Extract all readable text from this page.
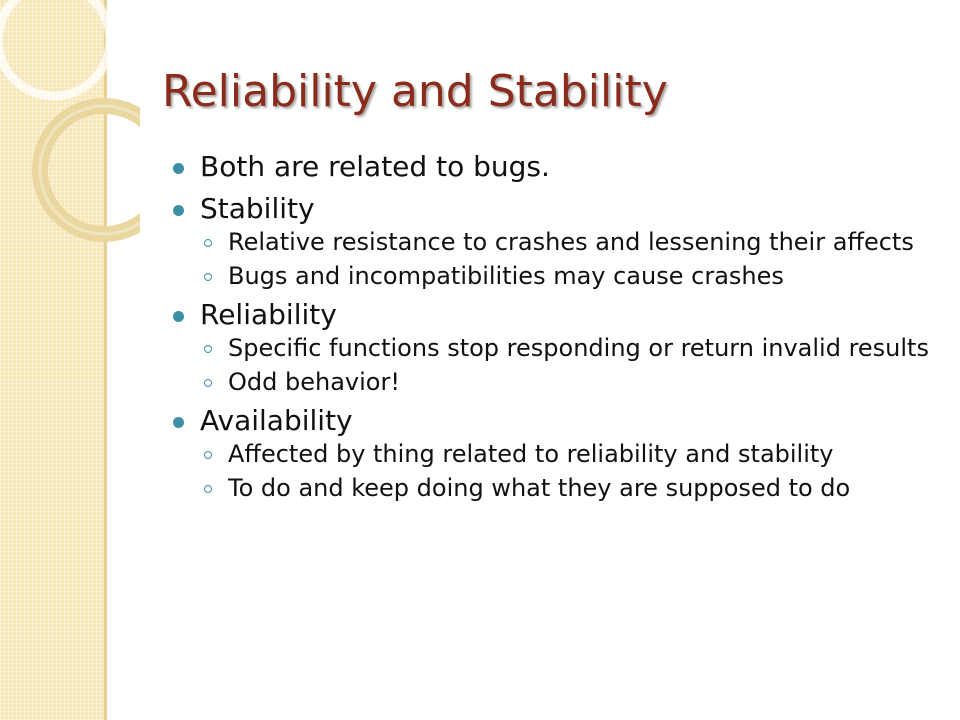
Reliability and Stability
Both are related to bugs.
Stability
Relative resistance to crashes and lessening their affects
Bugs and incompatibilities may cause crashes
Reliability
Specific functions stop responding or return invalid results
Odd behavior!
Availability
Affected by thing related to reliability and stability
To do and keep doing what they are supposed to do
